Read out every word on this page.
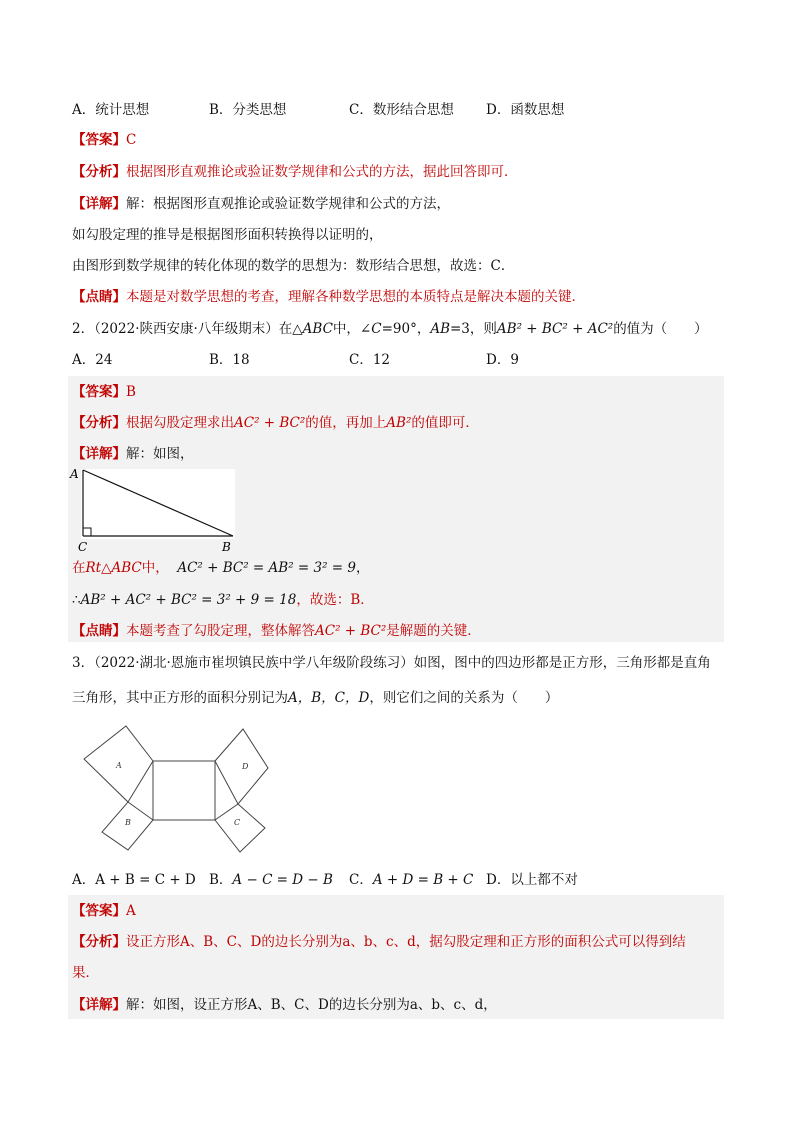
A．统计思想	B．分类思想	C．数形结合思想 D．函数思想
【答案】C
【分析】根据图形直观推论或验证数学规律和公式的方法，据此回答即可．
【详解】解：根据图形直观推论或验证数学规律和公式的方法，
如勾股定理的推导是根据图形面积转换得以证明的，
由图形到数学规律的转化体现的数学的思想为：数形结合思想，故选：C．
【点睛】本题是对数学思想的考查，理解各种数学思想的本质特点是解决本题的关键．
2．（2022·陕西安康·八年级期末）在△ABC中，∠C=90°，AB=3，则AB² + BC² + AC²的值为（　　）
A．24	B．18	C．12	D．9
【答案】B
【分析】根据勾股定理求出AC² + BC²的值，再加上AB²的值即可．
【详解】解：如图，
A
C	B
在Rt△ABC中， AC² + BC² = AB² = 3² = 9，
∴AB² + AC² + BC² = 3² + 9 = 18，故选：B．
【点睛】本题考查了勾股定理，整体解答AC² + BC²是解题的关键．
3．（2022·湖北·恩施市崔坝镇民族中学八年级阶段练习）如图，图中的四边形都是正方形，三角形都是直角
三角形，其中正方形的面积分别记为A，B，C，D，则它们之间的关系为（　　）
A
B
D
C
A．A + B = C + D B．A − C = D − B C．A + D = B + C D．以上都不对
【答案】A
【分析】设正方形A、B、C、D的边长分别为a、b、c、d，据勾股定理和正方形的面积公式可以得到结
果．
【详解】解：如图，设正方形A、B、C、D的边长分别为a、b、c、d，
